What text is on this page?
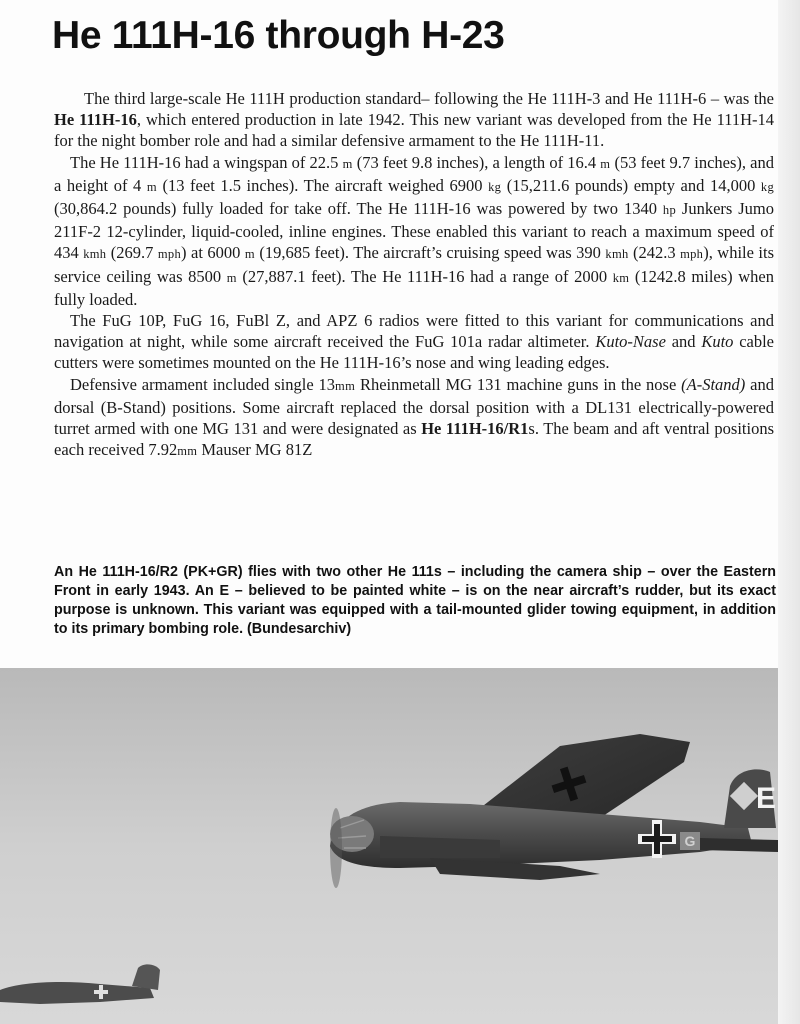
He 111H-16 through H-23

The third large-scale He 111H production standard– following the He 111H-3 and He 111H-6 – was the He 111H-16, which entered production in late 1942. This new variant was developed from the He 111H-14 for the night bomber role and had a similar defensive armament to the He 111H-11.

The He 111H-16 had a wingspan of 22.5 m (73 feet 9.8 inches), a length of 16.4 m (53 feet 9.7 inches), and a height of 4 m (13 feet 1.5 inches). The aircraft weighed 6900 kg (15,211.6 pounds) empty and 14,000 kg (30,864.2 pounds) fully loaded for take off. The He 111H-16 was powered by two 1340 hp Junkers Jumo 211F-2 12-cylinder, liquid-cooled, inline engines. These enabled this variant to reach a maximum speed of 434 kmh (269.7 mph) at 6000 m (19,685 feet). The aircraft’s cruising speed was 390 kmh (242.3 mph), while its service ceiling was 8500 m (27,887.1 feet). The He 111H-16 had a range of 2000 km (1242.8 miles) when fully loaded.

The FuG 10P, FuG 16, FuBl Z, and APZ 6 radios were fitted to this variant for communications and navigation at night, while some aircraft received the FuG 101a radar altimeter. Kuto-Nase and Kuto cable cutters were sometimes mounted on the He 111H-16’s nose and wing leading edges.

Defensive armament included single 13mm Rheinmetall MG 131 machine guns in the nose (A-Stand) and dorsal (B-Stand) positions. Some aircraft replaced the dorsal position with a DL131 electrically-powered turret armed with one MG 131 and were designated as He 111H-16/R1s. The beam and aft ventral positions each received 7.92mm Mauser MG 81Z

An He 111H-16/R2 (PK+GR) flies with two other He 111s – including the camera ship – over the Eastern Front in early 1943. An E – believed to be painted white – is on the near aircraft’s rudder, but its exact purpose is unknown. This variant was equipped with a tail-mounted glider towing equipment, in addition to its primary bombing role. (Bundesarchiv)

G
E
